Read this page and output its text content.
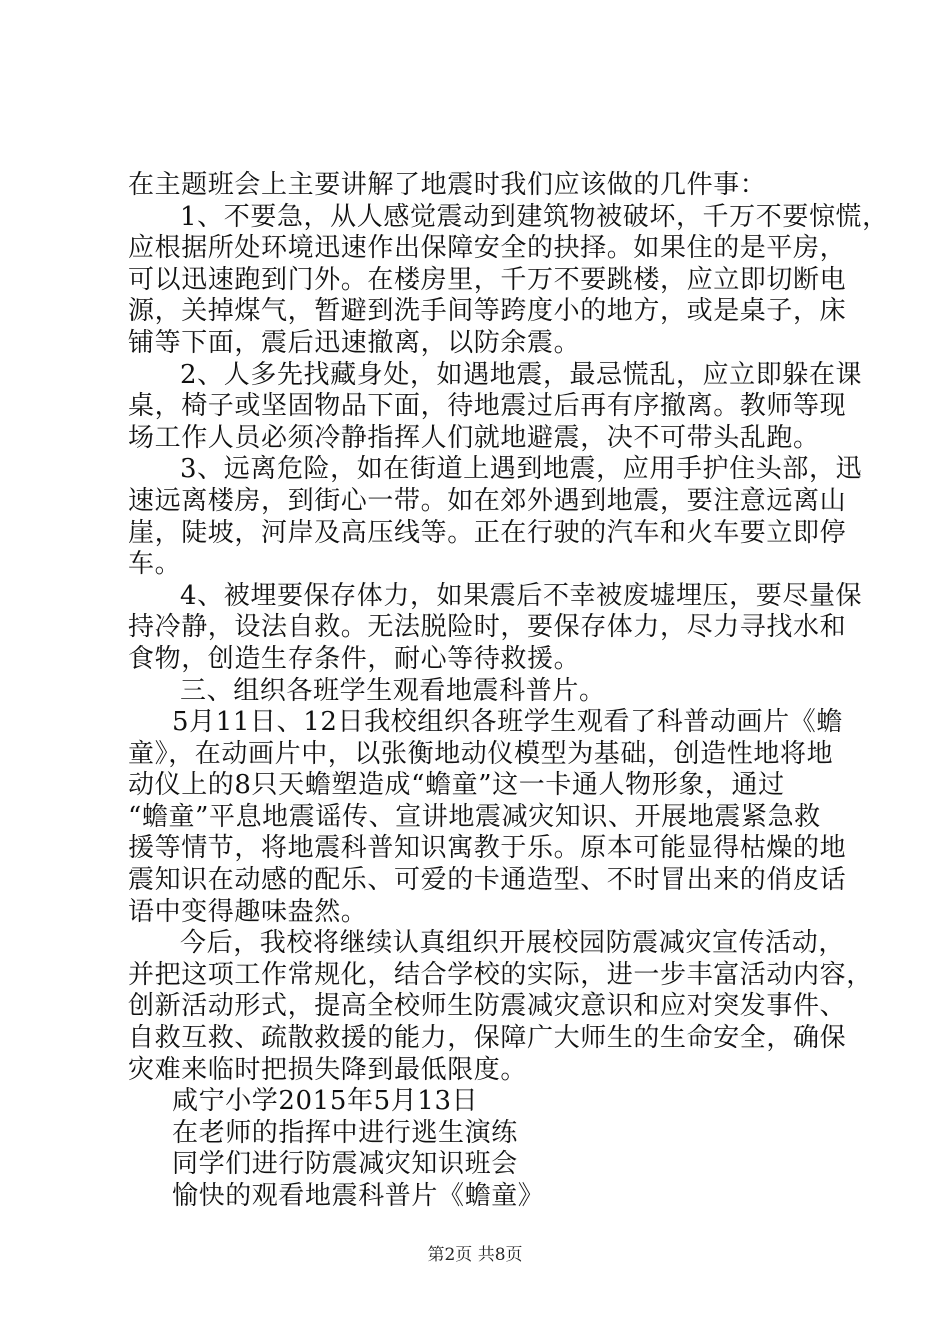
在主题班会上主要讲解了地震时我们应该做的几件事：
1、不要急，从人感觉震动到建筑物被破坏，千万不要惊慌，
应根据所处环境迅速作出保障安全的抉择。如果住的是平房，
可以迅速跑到门外。在楼房里，千万不要跳楼，应立即切断电
源，关掉煤气，暂避到洗手间等跨度小的地方，或是桌子，床
铺等下面，震后迅速撤离，以防余震。
2、人多先找藏身处，如遇地震，最忌慌乱，应立即躲在课
桌，椅子或坚固物品下面，待地震过后再有序撤离。教师等现
场工作人员必须冷静指挥人们就地避震，决不可带头乱跑。
3、远离危险，如在街道上遇到地震，应用手护住头部，迅
速远离楼房，到街心一带。如在郊外遇到地震，要注意远离山
崖，陡坡，河岸及高压线等。正在行驶的汽车和火车要立即停
车。
4、被埋要保存体力，如果震后不幸被废墟埋压，要尽量保
持冷静，设法自救。无法脱险时，要保存体力，尽力寻找水和
食物，创造生存条件，耐心等待救援。
三、组织各班学生观看地震科普片。
5月11日、12日我校组织各班学生观看了科普动画片《蟾
童》，在动画片中，以张衡地动仪模型为基础，创造性地将地
动仪上的8只天蟾塑造成“蟾童”这一卡通人物形象，通过
“蟾童”平息地震谣传、宣讲地震减灾知识、开展地震紧急救
援等情节，将地震科普知识寓教于乐。原本可能显得枯燥的地
震知识在动感的配乐、可爱的卡通造型、不时冒出来的俏皮话
语中变得趣味盎然。
今后，我校将继续认真组织开展校园防震减灾宣传活动，
并把这项工作常规化，结合学校的实际，进一步丰富活动内容，
创新活动形式，提高全校师生防震减灾意识和应对突发事件、
自救互救、疏散救援的能力，保障广大师生的生命安全，确保
灾难来临时把损失降到最低限度。
咸宁小学2015年5月13日
在老师的指挥中进行逃生演练
同学们进行防震减灾知识班会
愉快的观看地震科普片《蟾童》
第2页 共8页
